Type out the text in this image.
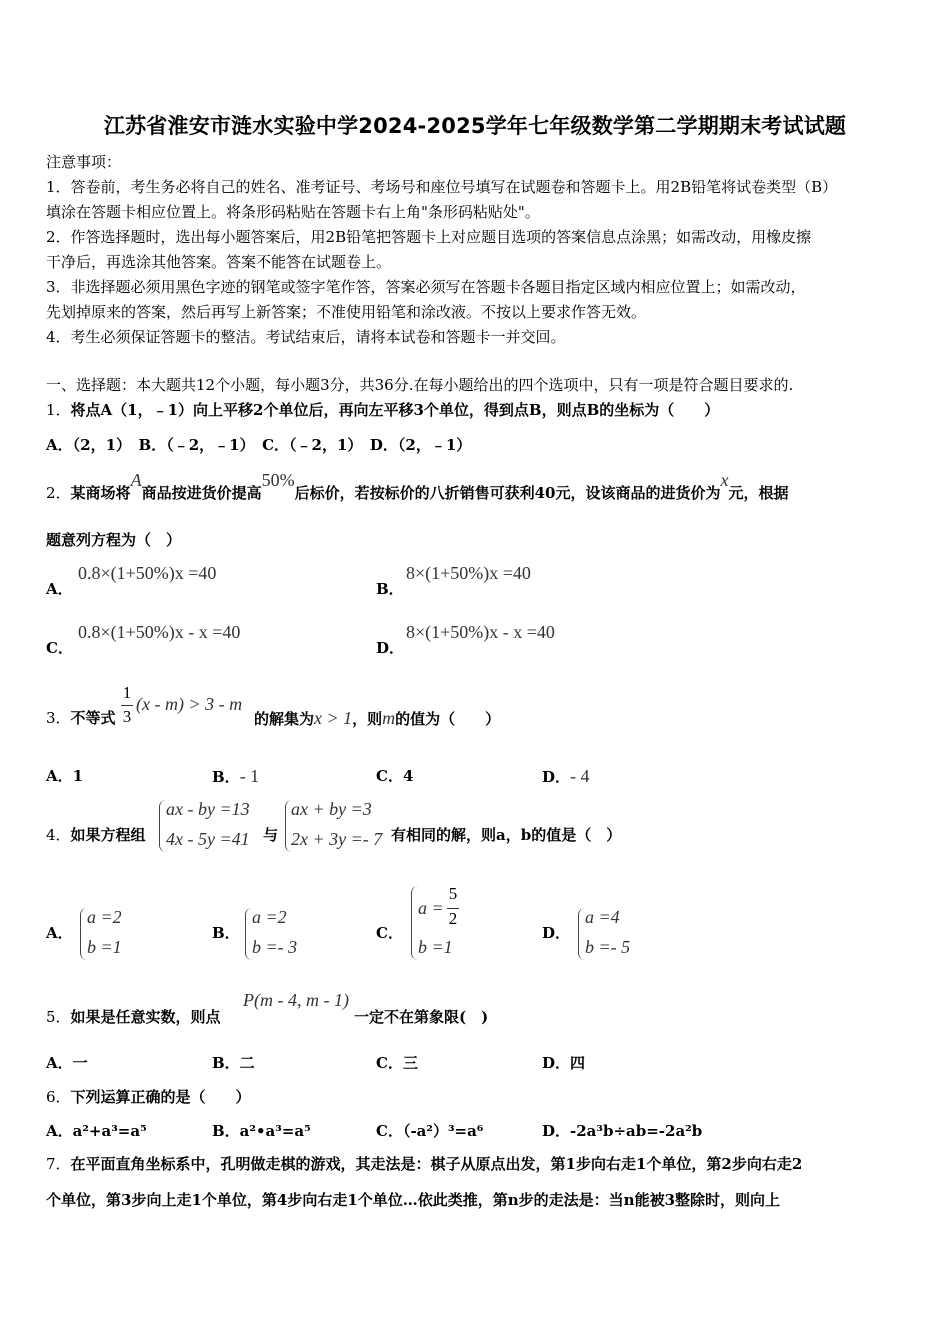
江苏省淮安市涟水实验中学2024-2025学年七年级数学第二学期期末考试试题
注意事项：
1．答卷前，考生务必将自己的姓名、准考证号、考场号和座位号填写在试题卷和答题卡上。用2B铅笔将试卷类型（B）
填涂在答题卡相应位置上。将条形码粘贴在答题卡右上角"条形码粘贴处"。
2．作答选择题时，选出每小题答案后，用2B铅笔把答题卡上对应题目选项的答案信息点涂黑；如需改动，用橡皮擦
干净后，再选涂其他答案。答案不能答在试题卷上。
3．非选择题必须用黑色字迹的钢笔或签字笔作答，答案必须写在答题卡各题目指定区域内相应位置上；如需改动，
先划掉原来的答案，然后再写上新答案；不准使用铅笔和涂改液。不按以上要求作答无效。
4．考生必须保证答题卡的整洁。考试结束后，请将本试卷和答题卡一并交回。
一、选择题：本大题共12个小题，每小题3分，共36分.在每小题给出的四个选项中，只有一项是符合题目要求的.
1．将点A（1，﹣1）向上平移2个单位后，再向左平移3个单位，得到点B，则点B的坐标为（　　）
A．（2，1）　B．（﹣2，﹣1）　C．（﹣2，1）　D．（2，﹣1）
2．某商场将A商品按进货价提高50%后标价，若按标价的八折销售可获利40元，设该商品的进货价为x元，根据
题意列方程为（　）
A．
0.8×(1+50%)x =40
B．
8×(1+50%)x =40
C．
0.8×(1+50%)x - x =40
D．
8×(1+50%)x - x =40
3．不等式
1
3
(x - m) > 3 - m
的解集为x > 1，则m的值为（　　）
A．1	B．- 1	C．4	D．- 4
4．如果方程组
ax - by =13
4x - 5y =41 与
ax + by =3
2x + 3y =- 7 有相同的解，则a，b的值是（　）
A．
a =2
b =1
B．
a =2
b =- 3
C．
a =
5
2
b =1
D．
a =4
b =- 5
5．如果是任意实数，则点
P(m - 4, m - 1)
一定不在第象限(　)
A．一	B．二	C．三	D．四
6．下列运算正确的是（　　）
A．a²+a³=a⁵	B．a²•a³=a⁵	C．（-a²）³=a⁶	D．-2a³b÷ab=-2a²b
7．在平面直角坐标系中，孔明做走棋的游戏，其走法是：棋子从原点出发，第1步向右走1个单位，第2步向右走2
个单位，第3步向上走1个单位，第4步向右走1个单位…依此类推，第n步的走法是：当n能被3整除时，则向上
